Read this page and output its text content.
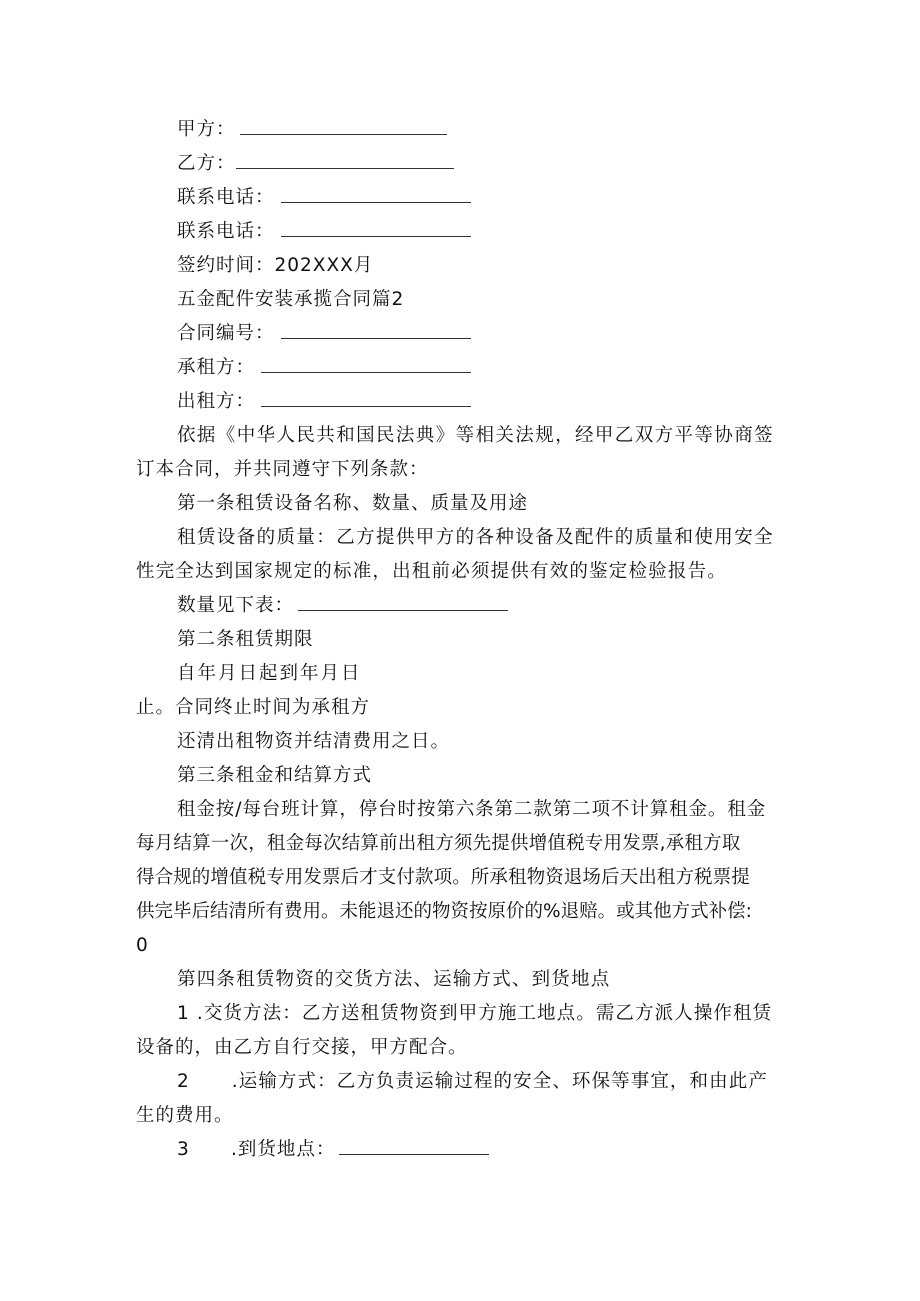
甲方：
乙方：
联系电话：
联系电话：
签约时间：202XXX月
五金配件安装承揽合同篇2
合同编号：
承租方：
出租方：
依据《中华人民共和国民法典》等相关法规，经甲乙双方平等协商签
订本合同，并共同遵守下列条款：
第一条租赁设备名称、数量、质量及用途
租赁设备的质量：乙方提供甲方的各种设备及配件的质量和使用安全
性完全达到国家规定的标准，出租前必须提供有效的鉴定检验报告。
数量见下表：
第二条租赁期限
自年月日起到年月日
止。合同终止时间为承租方
还清出租物资并结清费用之日。
第三条租金和结算方式
租金按/每台班计算，停台时按第六条第二款第二项不计算租金。租金
每月结算一次，租金每次结算前出租方须先提供增值税专用发票,承租方取
得合规的增值税专用发票后才支付款项。所承租物资退场后天出租方税票提
供完毕后结清所有费用。未能退还的物资按原价的%退赔。或其他方式补偿:
0
第四条租赁物资的交货方法、运输方式、到货地点
1 .交货方法：乙方送租赁物资到甲方施工地点。需乙方派人操作租赁
设备的，由乙方自行交接，甲方配合。
2      .运输方式：乙方负责运输过程的安全、环保等事宜，和由此产
生的费用。
3      .到货地点：
